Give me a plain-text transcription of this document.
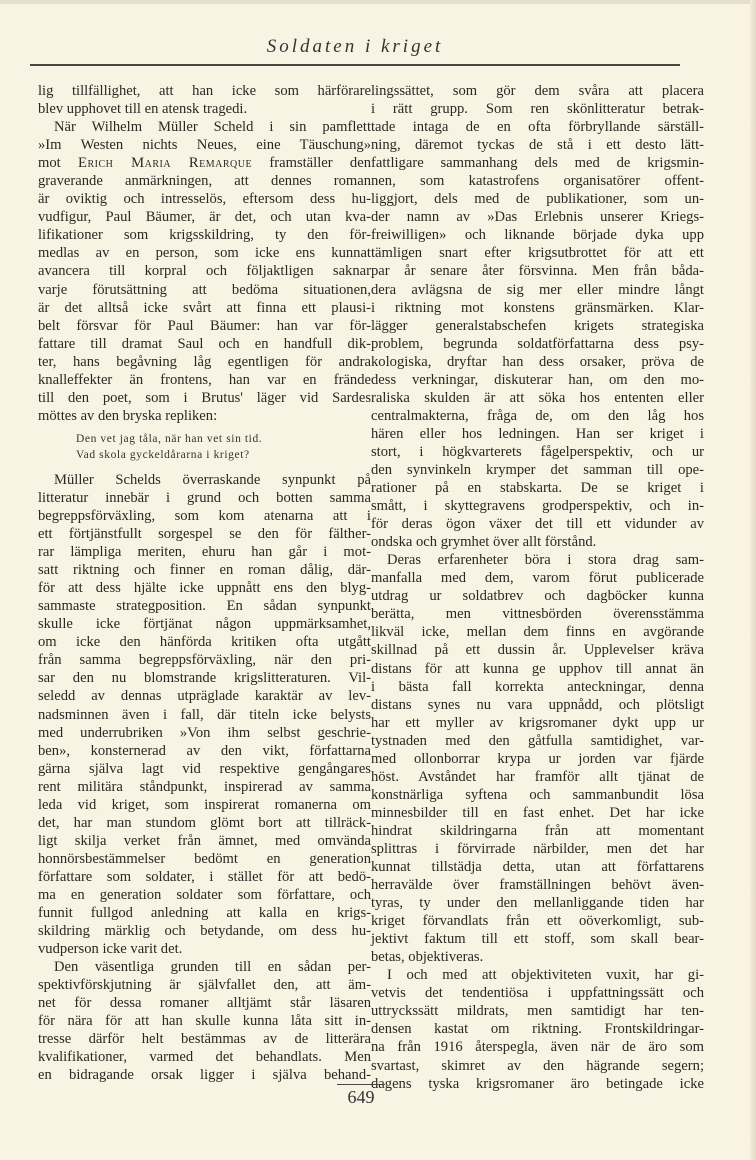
Soldaten i kriget
lig tillfällighet, att han icke som härförare
blev upphovet till en atensk tragedi.
När Wilhelm Müller Scheld i sin pamflett
»Im Westen nichts Neues, eine Täuschung»
mot Erich Maria Remarque framställer den
graverande anmärkningen, att dennes roman
är oviktig och intresselös, eftersom dess hu-
vudfigur, Paul Bäumer, är det, och utan kva-
lifikationer som krigsskildring, ty den för-
medlas av en person, som icke ens kunnat
avancera till korpral och följaktligen saknar
varje förutsättning att bedöma situationen,
är det alltså icke svårt att finna ett plausi-
belt försvar för Paul Bäumer: han var för-
fattare till dramat Saul och en handfull dik-
ter, hans begåvning låg egentligen för andra
knalleffekter än frontens, han var en frände
till den poet, som i Brutus' läger vid Sardes
möttes av den bryska repliken:
Den vet jag tåla, när han vet sin tid.
Vad skola gyckeldårarna i kriget?
Müller Schelds överraskande synpunkt på
litteratur innebär i grund och botten samma
begreppsförväxling, som kom atenarna att i
ett förtjänstfullt sorgespel se den för fälther-
rar lämpliga meriten, ehuru han går i mot-
satt riktning och finner en roman dålig, där-
för att dess hjälte icke uppnått ens den blyg-
sammaste strategposition. En sådan synpunkt
skulle icke förtjänat någon uppmärksamhet,
om icke den hänförda kritiken ofta utgått
från samma begreppsförväxling, när den pri-
sar den nu blomstrande krigslitteraturen. Vil-
seledd av dennas utpräglade karaktär av lev-
nadsminnen även i fall, där titeln icke belysts
med underrubriken »Von ihm selbst geschrie-
ben», konsternerad av den vikt, författarna
gärna själva lagt vid respektive gengångares
rent militära ståndpunkt, inspirerad av samma
leda vid kriget, som inspirerat romanerna om
det, har man stundom glömt bort att tillräck-
ligt skilja verket från ämnet, med omvända
honnörsbestämmelser bedömt en generation
författare som soldater, i stället för att bedö-
ma en generation soldater som författare, och
funnit fullgod anledning att kalla en krigs-
skildring märklig och betydande, om dess hu-
vudperson icke varit det.
Den väsentliga grunden till en sådan per-
spektivförskjutning är självfallet den, att äm-
net för dessa romaner alltjämt står läsaren
för nära för att han skulle kunna låta sitt in-
tresse därför helt bestämmas av de litterära
kvalifikationer, varmed det behandlats. Men
en bidragande orsak ligger i själva behand-
lingssättet, som gör dem svåra att placera
i rätt grupp. Som ren skönlitteratur betrak-
tade intaga de en ofta förbryllande särställ-
ning, däremot tyckas de stå i ett desto lätt-
fattligare sammanhang dels med de krigsmin-
nen, som katastrofens organisatörer offent-
liggjort, dels med de publikationer, som un-
der namn av »Das Erlebnis unserer Kriegs-
freiwilligen» och liknande började dyka upp
tämligen snart efter krigsutbrottet för att ett
par år senare åter försvinna. Men från båda-
dera avlägsna de sig mer eller mindre långt
i riktning mot konstens gränsmärken. Klar-
lägger generalstabschefen krigets strategiska
problem, begrunda soldatförfattarna dess psy-
kologiska, dryftar han dess orsaker, pröva de
dess verkningar, diskuterar han, om den mo-
raliska skulden är att söka hos ententen eller
centralmakterna, fråga de, om den låg hos
hären eller hos ledningen. Han ser kriget i
stort, i högkvarterets fågelperspektiv, och ur
den synvinkeln krymper det samman till ope-
rationer på en stabskarta. De se kriget i
smått, i skyttegravens grodperspektiv, och in-
för deras ögon växer det till ett vidunder av
ondska och grymhet över allt förstånd.
Deras erfarenheter böra i stora drag sam-
manfalla med dem, varom förut publicerade
utdrag ur soldatbrev och dagböcker kunna
berätta, men vittnesbörden överensstämma
likväl icke, mellan dem finns en avgörande
skillnad på ett dussin år. Upplevelser kräva
distans för att kunna ge upphov till annat än
i bästa fall korrekta anteckningar, denna
distans synes nu vara uppnådd, och plötsligt
har ett myller av krigsromaner dykt upp ur
tystnaden med den gåtfulla samtidighet, var-
med ollonborrar krypa ur jorden var fjärde
höst. Avståndet har framför allt tjänat de
konstnärliga syftena och sammanbundit lösa
minnesbilder till en fast enhet. Det har icke
hindrat skildringarna från att momentant
splittras i förvirrade närbilder, men det har
kunnat tillstädja detta, utan att författarens
herravälde över framställningen behövt även-
tyras, ty under den mellanliggande tiden har
kriget förvandlats från ett oöverkomligt, sub-
jektivt faktum till ett stoff, som skall bear-
betas, objektiveras.
I och med att objektiviteten vuxit, har gi-
vetvis det tendentiösa i uppfattningssätt och
uttryckssätt mildrats, men samtidigt har ten-
densen kastat om riktning. Frontskildringar-
na från 1916 återspegla, även när de äro som
svartast, skimret av den hägrande segern;
dagens tyska krigsromaner äro betingade icke
649
